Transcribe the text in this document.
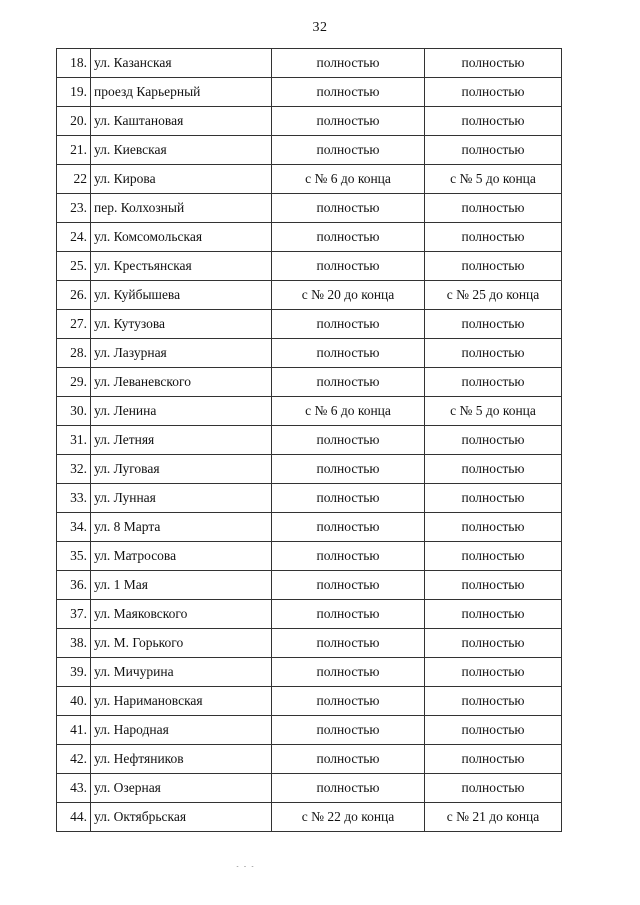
32
18.	ул. Казанская	полностью	полностью
19.	проезд Карьерный	полностью	полностью
20.	ул. Каштановая	полностью	полностью
21.	ул. Киевская	полностью	полностью
22	ул. Кирова	с № 6 до конца	с № 5 до конца
23.	пер. Колхозный	полностью	полностью
24.	ул. Комсомольская	полностью	полностью
25.	ул. Крестьянская	полностью	полностью
26.	ул. Куйбышева	с № 20 до конца	с № 25 до конца
27.	ул. Кутузова	полностью	полностью
28.	ул. Лазурная	полностью	полностью
29.	ул. Леваневского	полностью	полностью
30.	ул. Ленина	с № 6 до конца	с № 5 до конца
31.	ул. Летняя	полностью	полностью
32.	ул. Луговая	полностью	полностью
33.	ул. Лунная	полностью	полностью
34.	ул. 8 Марта	полностью	полностью
35.	ул. Матросова	полностью	полностью
36.	ул. 1 Мая	полностью	полностью
37.	ул. Маяковского	полностью	полностью
38.	ул. М. Горького	полностью	полностью
39.	ул. Мичурина	полностью	полностью
40.	ул. Наримановская	полностью	полностью
41.	ул. Народная	полностью	полностью
42.	ул. Нефтяников	полностью	полностью
43.	ул. Озерная	полностью	полностью
44.	ул. Октябрьская	с № 22 до конца	с № 21 до конца
- - -
